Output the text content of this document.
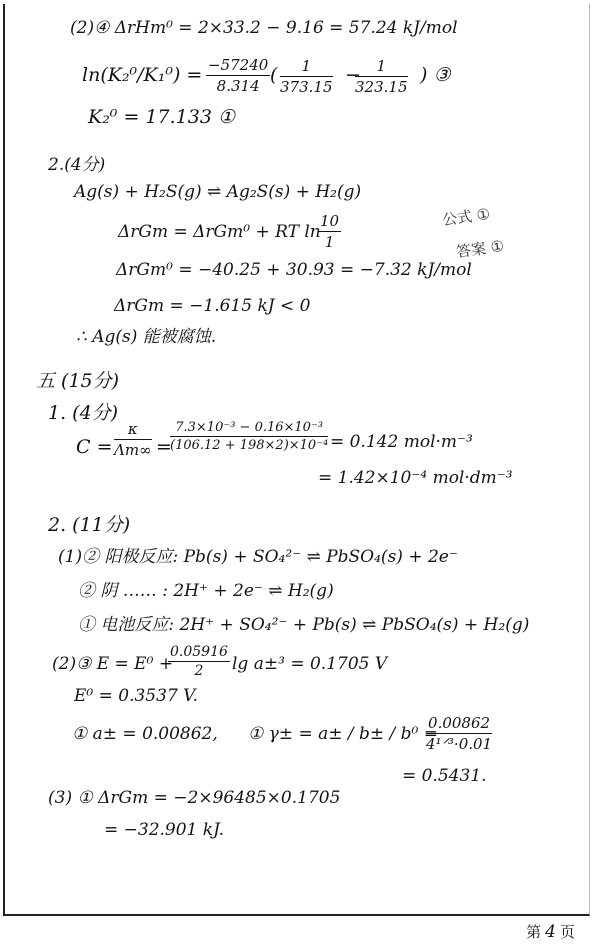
(2)④ ΔrHm⁰ = 2×33.2 − 9.16 = 57.24 kJ/mol
$\ln(K_2^0/K_1^0) = \frac{-57240}{8.314}$ ( $\frac{1}{373.15}$ −
$\frac{1}{323.15}$ ) ③
K₂⁰ = 17.133 ①
2.(4分)
Ag(s) + H₂S(g) ⇌ Ag₂S(s) + H₂(g)
ΔrGm = ΔrGm⁰ + RT ln
$\frac{10}{1}$
ΔrGm⁰ = −40.25 + 30.93 = −7.32 kJ/mol
ΔrGm = −1.615 kJ < 0
∴ Ag(s) 能被腐蚀.
公式 ①
答案 ①
五 (15分)
1. (4分)
$C = \frac{\kappa}{\Lambda m\infty}$ =
$\frac{\text{7.3×10⁻³ − 0.16×10⁻³}}{\text{(106.12 + 198×2)×10⁻⁴}} = 0.142$ mol·m⁻³
= 1.42×10⁻⁴ mol·dm⁻³
2. (11分)
(1)② 阳极反应: Pb(s) + SO₄²⁻ ⇌ PbSO₄(s) + 2e⁻
② 阴 …… : 2H⁺ + 2e⁻ ⇌ H₂(g)
① 电池反应: 2H⁺ + SO₄²⁻ + Pb(s) ⇌ PbSO₄(s) + H₂(g)
(2)③ E = E⁰ +
$\frac{0.05916}{2}$ lg a±³ = 0.1705 V
E⁰ = 0.3537 V.
① a± = 0.00862, ① γ± = a± / b± / b⁰ =
0.00862
4¹ᐟ³·0.01
= 0.5431.
(3) ① ΔrGm = −2×96485×0.1705
= −32.901 kJ.
第 4 页
